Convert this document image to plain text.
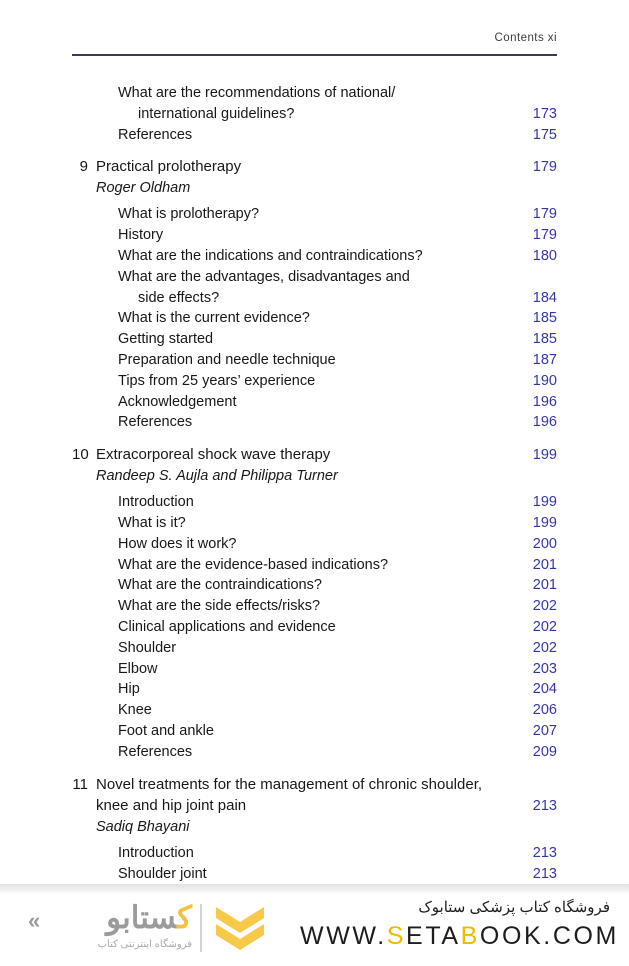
Contents xi
What are the recommendations of national/
international guidelines?	173
References	175
9 Practical prolotherapy	179
Roger Oldham
What is prolotherapy?	179
History	179
What are the indications and contraindications?	180
What are the advantages, disadvantages and
side effects?	184
What is the current evidence?	185
Getting started	185
Preparation and needle technique	187
Tips from 25 years’ experience	190
Acknowledgement	196
References	196
10 Extracorporeal shock wave therapy	199
Randeep S. Aujla and Philippa Turner
Introduction	199
What is it?	199
How does it work?	200
What are the evidence-based indications?	201
What are the contraindications?	201
What are the side effects/risks?	202
Clinical applications and evidence	202
Shoulder	202
Elbow	203
Hip	204
Knee	206
Foot and ankle	207
References	209
11 Novel treatments for the management of chronic shoulder,
knee and hip joint pain	213
Sadiq Bhayani
Introduction	213
Shoulder joint	213
«	کستابو
فروشگاه اینترنتی کتاب
فروشگاه کتاب پزشکی ستابوک
WWW.SETABOOK.COM
